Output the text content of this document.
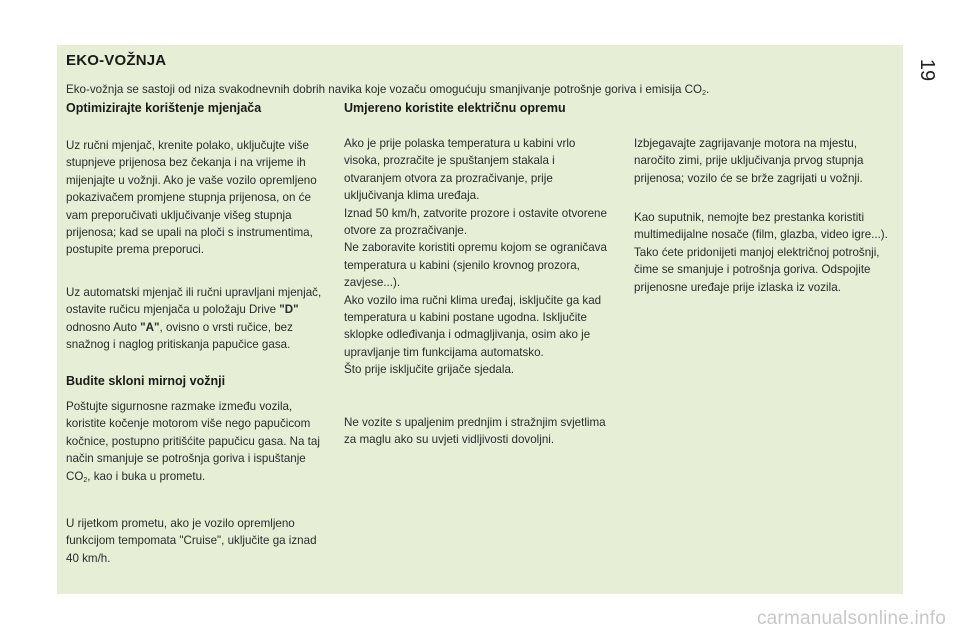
19
EKO-VOŽNJA

Eko-vožnja se sastoji od niza svakodnevnih dobrih navika koje vozaču omogućuju smanjivanje potrošnje goriva i emisija $CO_2$.

Optimizirajte korištenje mjenjača

Uz ručni mjenjač, krenite polako, uključujte više stupnjeve prijenosa bez čekanja i na vrijeme ih mijenjajte u vožnji. Ako je vaše vozilo opremljeno pokazivačem promjene stupnja prijenosa, on će vam preporučivati uključivanje višeg stupnja prijenosa; kad se upali na ploči s instrumentima, postupite prema preporuci.

Uz automatski mjenjač ili ručni upravljani mjenjač, ostavite ručicu mjenjača u položaju Drive "D" odnosno Auto "A", ovisno o vrsti ručice, bez snažnog i naglog pritiskanja papučice gasa.

Budite skloni mirnoj vožnji

Poštujte sigurnosne razmake između vozila, koristite kočenje motorom više nego papučicom kočnice, postupno pritišćite papučicu gasa. Na taj način smanjuje se potrošnja goriva i ispuštanje $CO_2$, kao i buka u prometu.

U rijetkom prometu, ako je vozilo opremljeno funkcijom tempomata "Cruise", uključite ga iznad 40 km/h.

Umjereno koristite električnu opremu
Ako je prije polaska temperatura u kabini vrlo visoka, prozračite je spuštanjem stakala i otvaranjem otvora za prozračivanje, prije uključivanja klima uređaja.
Iznad 50 km/h, zatvorite prozore i ostavite otvorene otvore za prozračivanje.
Ne zaboravite koristiti opremu kojom se ograničava temperatura u kabini (sjenilo krovnog prozora, zavjese...).
Ako vozilo ima ručni klima uređaj, isključite ga kad temperatura u kabini postane ugodna. Isključite sklopke odleđivanja i odmagljivanja, osim ako je upravljanje tim funkcijama automatsko.
Što prije isključite grijače sjedala.

Ne vozite s upaljenim prednjim i stražnjim svjetlima za maglu ako su uvjeti vidljivosti dovoljni.

Izbjegavajte zagrijavanje motora na mjestu, naročito zimi, prije uključivanja prvog stupnja prijenosa; vozilo će se brže zagrijati u vožnji.

Kao suputnik, nemojte bez prestanka koristiti multimedijalne nosače (film, glazba, video igre...). Tako ćete pridonijeti manjoj električnoj potrošnji, čime se smanjuje i potrošnja goriva. Odspojite prijenosne uređaje prije izlaska iz vozila.

carmanualsonline.info
